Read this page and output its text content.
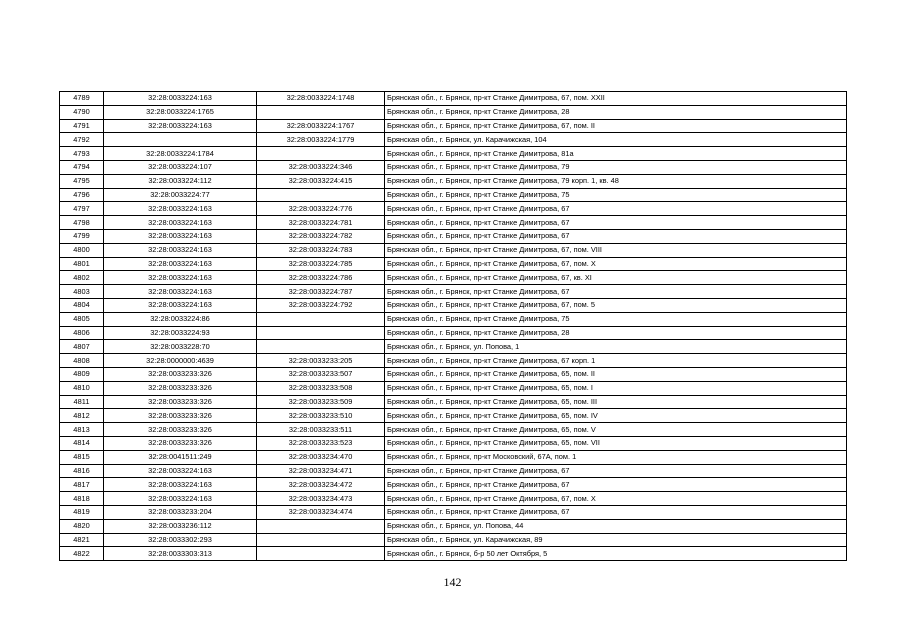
4789	32:28:0033224:163	32:28:0033224:1748	Брянская обл., г. Брянск, пр-кт Станке Димитрова, 67, пом. XXII
4790	32:28:0033224:1765		Брянская обл., г. Брянск, пр-кт Станке Димитрова, 28
4791	32:28:0033224:163	32:28:0033224:1767	Брянская обл., г. Брянск, пр-кт Станке Димитрова, 67, пом. II
4792		32:28:0033224:1779	Брянская обл., г. Брянск, ул. Карачижская, 104
4793	32:28:0033224:1784		Брянская обл., г. Брянск, пр-кт Станке Димитрова, 81а
4794	32:28:0033224:107	32:28:0033224:346	Брянская обл., г. Брянск, пр-кт Станке Димитрова, 79
4795	32:28:0033224:112	32:28:0033224:415	Брянская обл., г. Брянск, пр-кт Станке Димитрова, 79 корп. 1, кв. 48
4796	32:28:0033224:77		Брянская обл., г. Брянск, пр-кт Станке Димитрова, 75
4797	32:28:0033224:163	32:28:0033224:776	Брянская обл., г. Брянск, пр-кт Станке Димитрова, 67
4798	32:28:0033224:163	32:28:0033224:781	Брянская обл., г. Брянск, пр-кт Станке Димитрова, 67
4799	32:28:0033224:163	32:28:0033224:782	Брянская обл., г. Брянск, пр-кт Станке Димитрова, 67
4800	32:28:0033224:163	32:28:0033224:783	Брянская обл., г. Брянск, пр-кт Станке Димитрова, 67, пом. VIII
4801	32:28:0033224:163	32:28:0033224:785	Брянская обл., г. Брянск, пр-кт Станке Димитрова, 67, пом. X
4802	32:28:0033224:163	32:28:0033224:786	Брянская обл., г. Брянск, пр-кт Станке Димитрова, 67, кв. XI
4803	32:28:0033224:163	32:28:0033224:787	Брянская обл., г. Брянск, пр-кт Станке Димитрова, 67
4804	32:28:0033224:163	32:28:0033224:792	Брянская обл., г. Брянск, пр-кт Станке Димитрова, 67, пом. 5
4805	32:28:0033224:86		Брянская обл., г. Брянск, пр-кт Станке Димитрова, 75
4806	32:28:0033224:93		Брянская обл., г. Брянск, пр-кт Станке Димитрова, 28
4807	32:28:0033228:70		Брянская обл., г. Брянск, ул. Попова, 1
4808	32:28:0000000:4639	32:28:0033233:205	Брянская обл., г. Брянск, пр-кт Станке Димитрова, 67 корп. 1
4809	32:28:0033233:326	32:28:0033233:507	Брянская обл., г. Брянск, пр-кт Станке Димитрова, 65, пом. II
4810	32:28:0033233:326	32:28:0033233:508	Брянская обл., г. Брянск, пр-кт Станке Димитрова, 65, пом. I
4811	32:28:0033233:326	32:28:0033233:509	Брянская обл., г. Брянск, пр-кт Станке Димитрова, 65, пом. III
4812	32:28:0033233:326	32:28:0033233:510	Брянская обл., г. Брянск, пр-кт Станке Димитрова, 65, пом. IV
4813	32:28:0033233:326	32:28:0033233:511	Брянская обл., г. Брянск, пр-кт Станке Димитрова, 65, пом. V
4814	32:28:0033233:326	32:28:0033233:523	Брянская обл., г. Брянск, пр-кт Станке Димитрова, 65, пом. VII
4815	32:28:0041511:249	32:28:0033234:470	Брянская обл., г. Брянск, пр-кт Московский, 67А, пом. 1
4816	32:28:0033224:163	32:28:0033234:471	Брянская обл., г. Брянск, пр-кт Станке Димитрова, 67
4817	32:28:0033224:163	32:28:0033234:472	Брянская обл., г. Брянск, пр-кт Станке Димитрова, 67
4818	32:28:0033224:163	32:28:0033234:473	Брянская обл., г. Брянск, пр-кт Станке Димитрова, 67, пом. X
4819	32:28:0033233:204	32:28:0033234:474	Брянская обл., г. Брянск, пр-кт Станке Димитрова, 67
4820	32:28:0033236:112		Брянская обл., г. Брянск, ул. Попова, 44
4821	32:28:0033302:293		Брянская обл., г. Брянск, ул. Карачижская, 89
4822	32:28:0033303:313		Брянская обл., г. Брянск, б-р 50 лет Октября, 5
142
